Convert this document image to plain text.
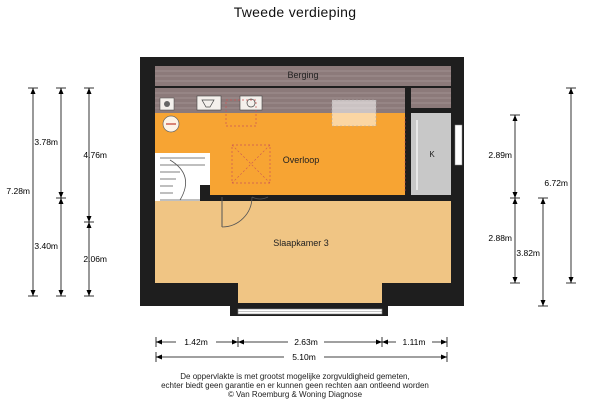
Tweede verdieping
Berging
Overloop
Slaapkamer 3
K
3.78m
3.40m
7.28m
4.76m
2.06m
2.89m
2.88m
3.82m
6.72m
1.42m	2.63m	1.11m
5.10m
De oppervlakte is met grootst mogelijke zorgvuldigheid gemeten,
echter biedt geen garantie en er kunnen geen rechten aan ontleend worden
© Van Roemburg & Woning Diagnose
